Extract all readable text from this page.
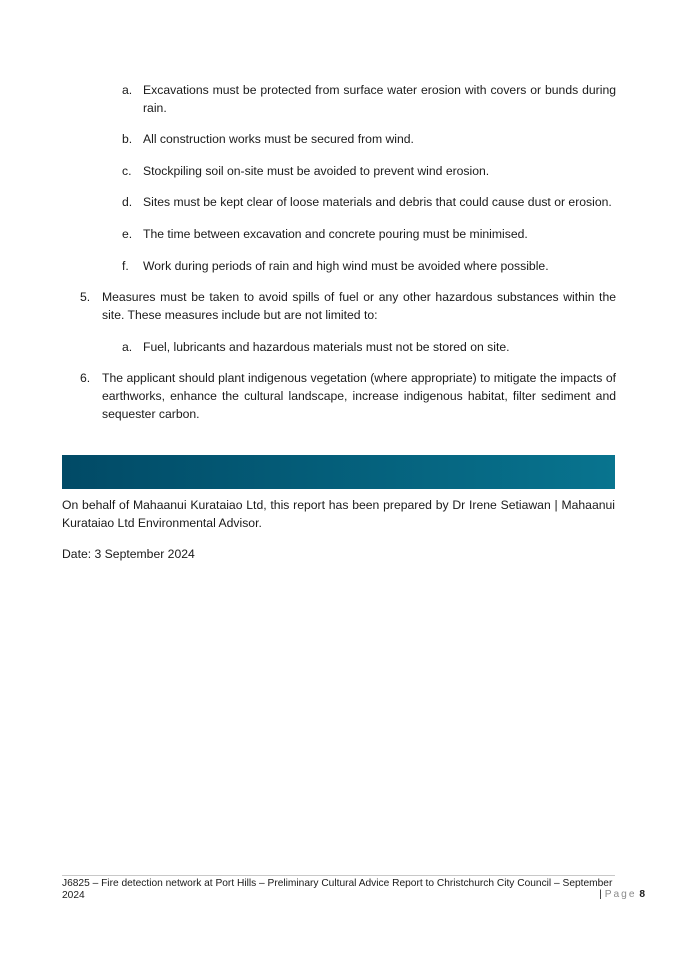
a. Excavations must be protected from surface water erosion with covers or bunds during rain.
b. All construction works must be secured from wind.
c. Stockpiling soil on-site must be avoided to prevent wind erosion.
d. Sites must be kept clear of loose materials and debris that could cause dust or erosion.
e. The time between excavation and concrete pouring must be minimised.
f.	Work during periods of rain and high wind must be avoided where possible.
5. Measures must be taken to avoid spills of fuel or any other hazardous substances within the site. These measures include but are not limited to:
a. Fuel, lubricants and hazardous materials must not be stored on site.
6. The applicant should plant indigenous vegetation (where appropriate) to mitigate the impacts of earthworks, enhance the cultural landscape, increase indigenous habitat, filter sediment and sequester carbon.
On behalf of Mahaanui Kurataiao Ltd, this report has been prepared by Dr Irene Setiawan | Mahaanui Kurataiao Ltd Environmental Advisor.
Date: 3 September 2024
J6825 – Fire detection network at Port Hills – Preliminary Cultural Advice Report to Christchurch City Council – September 2024	| Page 8
